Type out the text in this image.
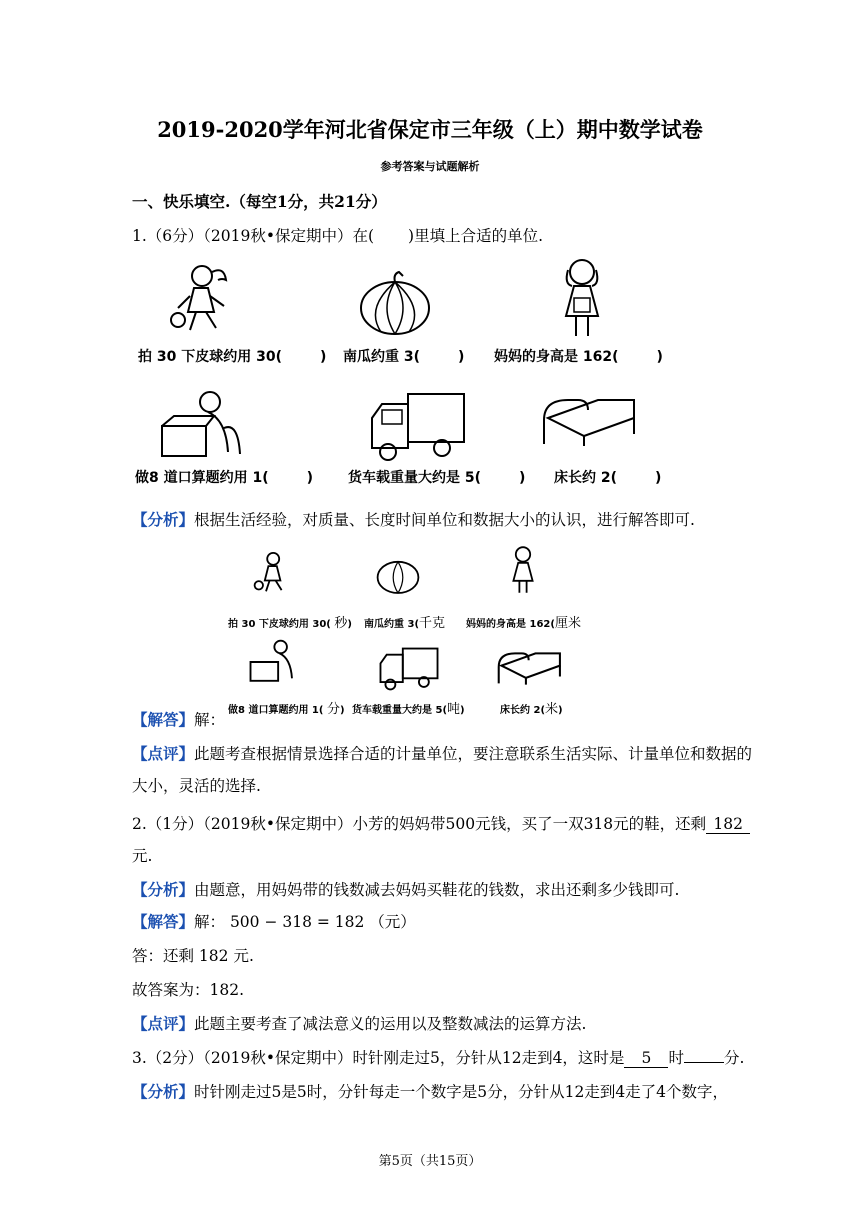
2019-2020学年河北省保定市三年级（上）期中数学试卷
参考答案与试题解析
一、快乐填空.（每空1分，共21分）
1.（6分）（2019秋•保定期中）在( )里填上合适的单位.
拍 30 下皮球约用 30(	) 南瓜约重 3(	) 妈妈的身高是 162(	)
做8 道口算题约用 1(	) 货车载重量大约是 5(	) 床长约 2(	)
【分析】根据生活经验，对质量、长度时间单位和数据大小的认识，进行解答即可.
拍 30 下皮球约用 30( 秒) 南瓜约重 3(千克 妈妈的身高是 162(厘米
【解答】解：
做8 道口算题约用 1( 分) 货车载重量大约是 5(吨)	床长约 2(米)
【点评】此题考查根据情景选择合适的计量单位，要注意联系生活实际、计量单位和数据的
大小，灵活的选择.
2.（1分）（2019秋•保定期中）小芳的妈妈带500元钱，买了一双318元的鞋，还剩 182
元.
【分析】由题意，用妈妈带的钱数减去妈妈买鞋花的钱数，求出还剩多少钱即可.
【解答】解： 500 − 318 = 182 （元）
答：还剩 182 元.
故答案为：182.
【点评】此题主要考查了减法意义的运用以及整数减法的运算方法.
3.（2分）（2019秋•保定期中）时针刚走过5，分针从12走到4，这时是 5 时	分.
【分析】时针刚走过5是5时，分针每走一个数字是5分，分针从12走到4走了4个数字，
第5页（共15页）
